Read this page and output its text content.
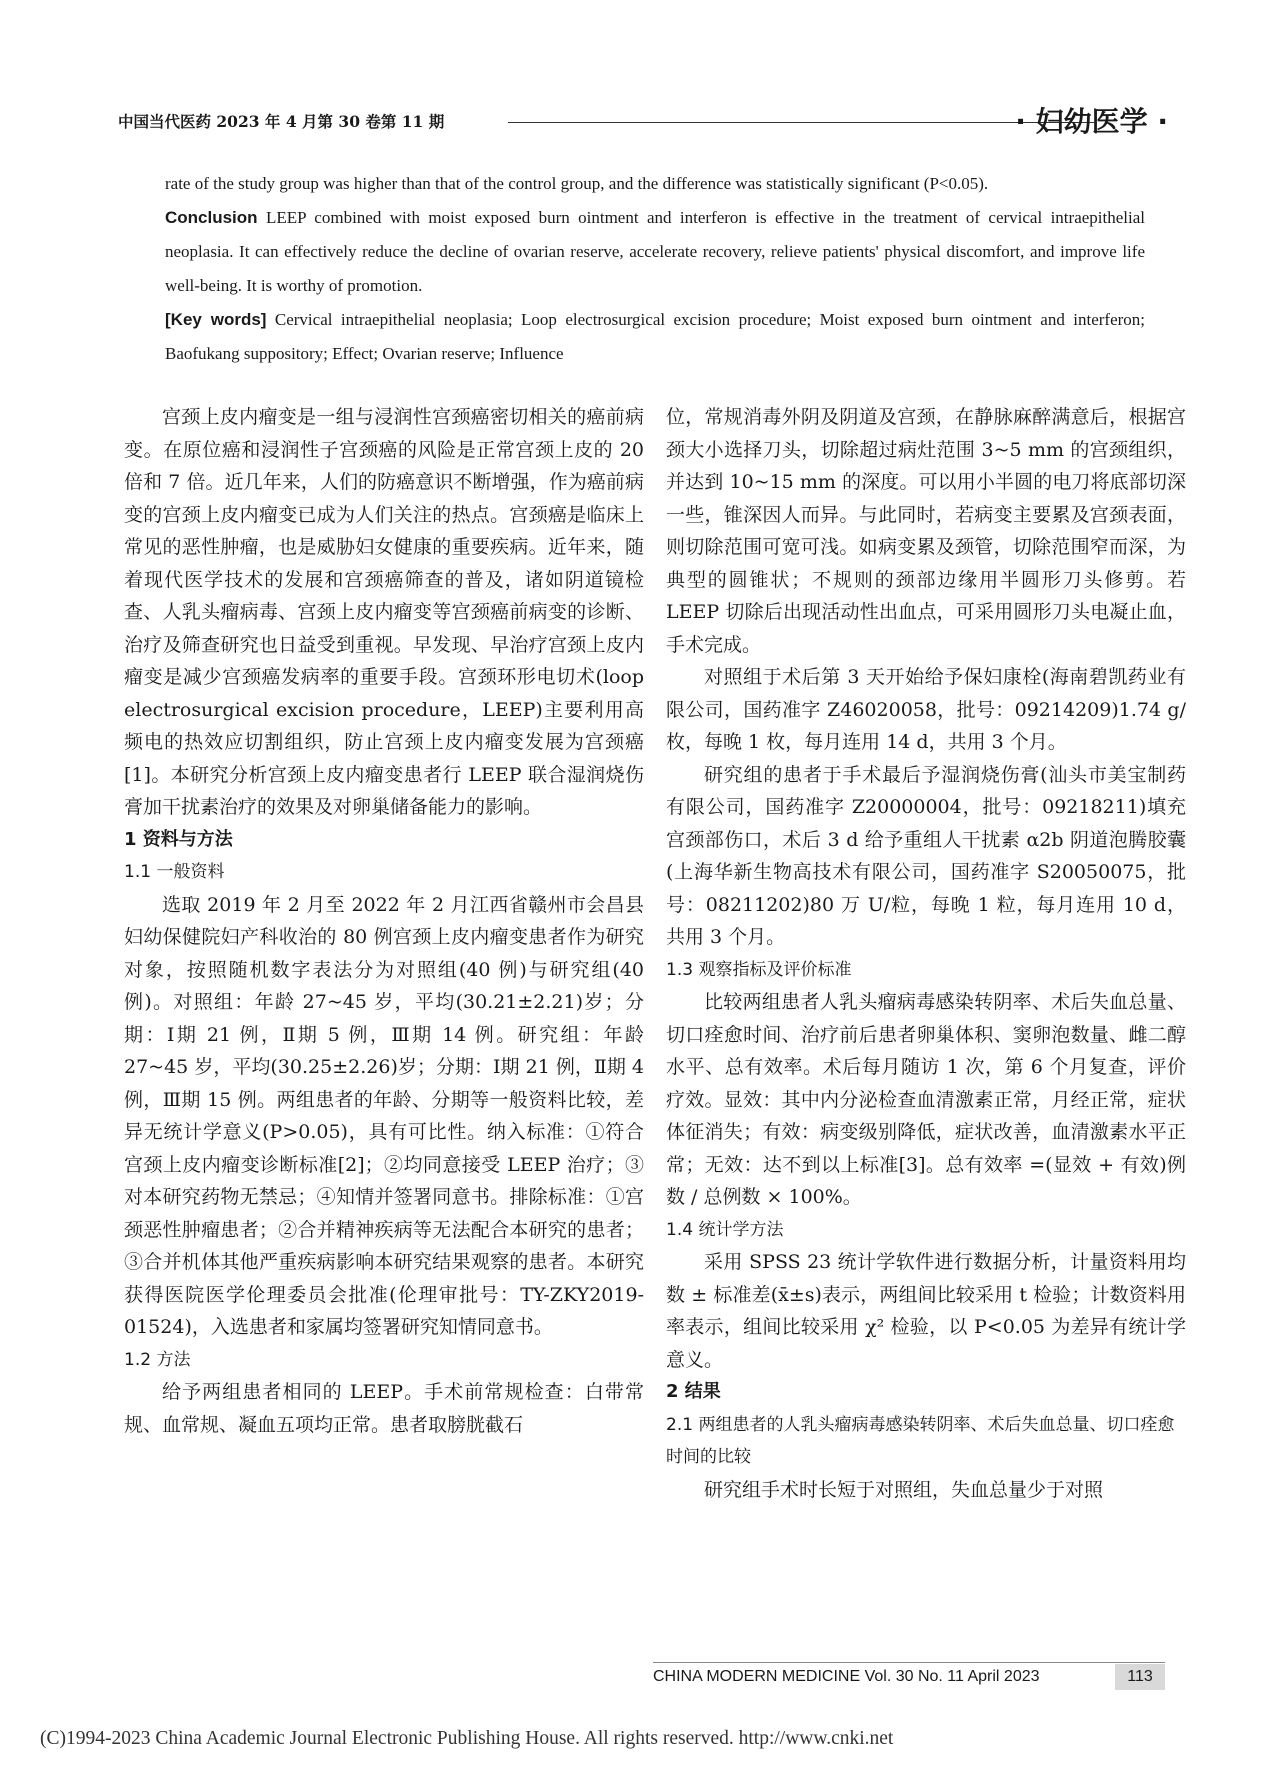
中国当代医药 2023 年 4 月第 30 卷第 11 期	· 妇幼医学 ·

rate of the study group was higher than that of the control group, and the difference was statistically significant (P<0.05).

Conclusion LEEP combined with moist exposed burn ointment and interferon is effective in the treatment of cervical intraepithelial neoplasia. It can effectively reduce the decline of ovarian reserve, accelerate recovery, relieve patients' physical discomfort, and improve life well-being. It is worthy of promotion.

[Key words] Cervical intraepithelial neoplasia; Loop electrosurgical excision procedure; Moist exposed burn ointment and interferon; Baofukang suppository; Effect; Ovarian reserve; Influence

宫颈上皮内瘤变是一组与浸润性宫颈癌密切相关的癌前病变。在原位癌和浸润性子宫颈癌的风险是正常宫颈上皮的 20 倍和 7 倍。近几年来，人们的防癌意识不断增强，作为癌前病变的宫颈上皮内瘤变已成为人们关注的热点。宫颈癌是临床上常见的恶性肿瘤，也是威胁妇女健康的重要疾病。近年来，随着现代医学技术的发展和宫颈癌筛查的普及，诸如阴道镜检查、人乳头瘤病毒、宫颈上皮内瘤变等宫颈癌前病变的诊断、治疗及筛查研究也日益受到重视。早发现、早治疗宫颈上皮内瘤变是减少宫颈癌发病率的重要手段。宫颈环形电切术(loop electrosurgical excision procedure，LEEP)主要利用高频电的热效应切割组织，防止宫颈上皮内瘤变发展为宫颈癌[1]。本研究分析宫颈上皮内瘤变患者行 LEEP 联合湿润烧伤膏加干扰素治疗的效果及对卵巢储备能力的影响。

1 资料与方法
1.1 一般资料

选取 2019 年 2 月至 2022 年 2 月江西省赣州市会昌县妇幼保健院妇产科收治的 80 例宫颈上皮内瘤变患者作为研究对象，按照随机数字表法分为对照组(40 例)与研究组(40 例)。对照组：年龄 27~45 岁，平均(30.21±2.21)岁；分期：Ⅰ期 21 例，Ⅱ期 5 例，Ⅲ期 14 例。研究组：年龄 27~45 岁，平均(30.25±2.26)岁；分期：Ⅰ期 21 例，Ⅱ期 4 例，Ⅲ期 15 例。两组患者的年龄、分期等一般资料比较，差异无统计学意义(P>0.05)，具有可比性。纳入标准：①符合宫颈上皮内瘤变诊断标准[2]；②均同意接受 LEEP 治疗；③对本研究药物无禁忌；④知情并签署同意书。排除标准：①宫颈恶性肿瘤患者；②合并精神疾病等无法配合本研究的患者；③合并机体其他严重疾病影响本研究结果观察的患者。本研究获得医院医学伦理委员会批准(伦理审批号：TY-ZKY2019-01524)，入选患者和家属均签署研究知情同意书。

1.2 方法

给予两组患者相同的 LEEP。手术前常规检查：白带常规、血常规、凝血五项均正常。患者取膀胱截石

位，常规消毒外阴及阴道及宫颈，在静脉麻醉满意后，根据宫颈大小选择刀头，切除超过病灶范围 3~5 mm 的宫颈组织，并达到 10~15 mm 的深度。可以用小半圆的电刀将底部切深一些，锥深因人而异。与此同时，若病变主要累及宫颈表面，则切除范围可宽可浅。如病变累及颈管，切除范围窄而深，为典型的圆锥状；不规则的颈部边缘用半圆形刀头修剪。若 LEEP 切除后出现活动性出血点，可采用圆形刀头电凝止血，手术完成。

对照组于术后第 3 天开始给予保妇康栓(海南碧凯药业有限公司，国药准字 Z46020058，批号：09214209)1.74 g/枚，每晚 1 枚，每月连用 14 d，共用 3 个月。

研究组的患者于手术最后予湿润烧伤膏(汕头市美宝制药有限公司，国药准字 Z20000004，批号：09218211)填充宫颈部伤口，术后 3 d 给予重组人干扰素 α2b 阴道泡腾胶囊(上海华新生物高技术有限公司，国药准字 S20050075，批号：08211202)80 万 U/粒，每晚 1 粒，每月连用 10 d，共用 3 个月。

1.3 观察指标及评价标准

比较两组患者人乳头瘤病毒感染转阴率、术后失血总量、切口痊愈时间、治疗前后患者卵巢体积、窦卵泡数量、雌二醇水平、总有效率。术后每月随访 1 次，第 6 个月复查，评价疗效。显效：其中内分泌检查血清激素正常，月经正常，症状体征消失；有效：病变级别降低，症状改善，血清激素水平正常；无效：达不到以上标准[3]。总有效率 =(显效 + 有效)例数 / 总例数 × 100%。

1.4 统计学方法

采用 SPSS 23 统计学软件进行数据分析，计量资料用均数 ± 标准差(x̄±s)表示，两组间比较采用 t 检验；计数资料用率表示，组间比较采用 χ² 检验，以 P<0.05 为差异有统计学意义。

2 结果
2.1 两组患者的人乳头瘤病毒感染转阴率、术后失血总量、切口痊愈时间的比较

研究组手术时长短于对照组，失血总量少于对照

CHINA MODERN MEDICINE Vol. 30 No. 11 April 2023	113
(C)1994-2023 China Academic Journal Electronic Publishing House. All rights reserved. http://www.cnki.net
